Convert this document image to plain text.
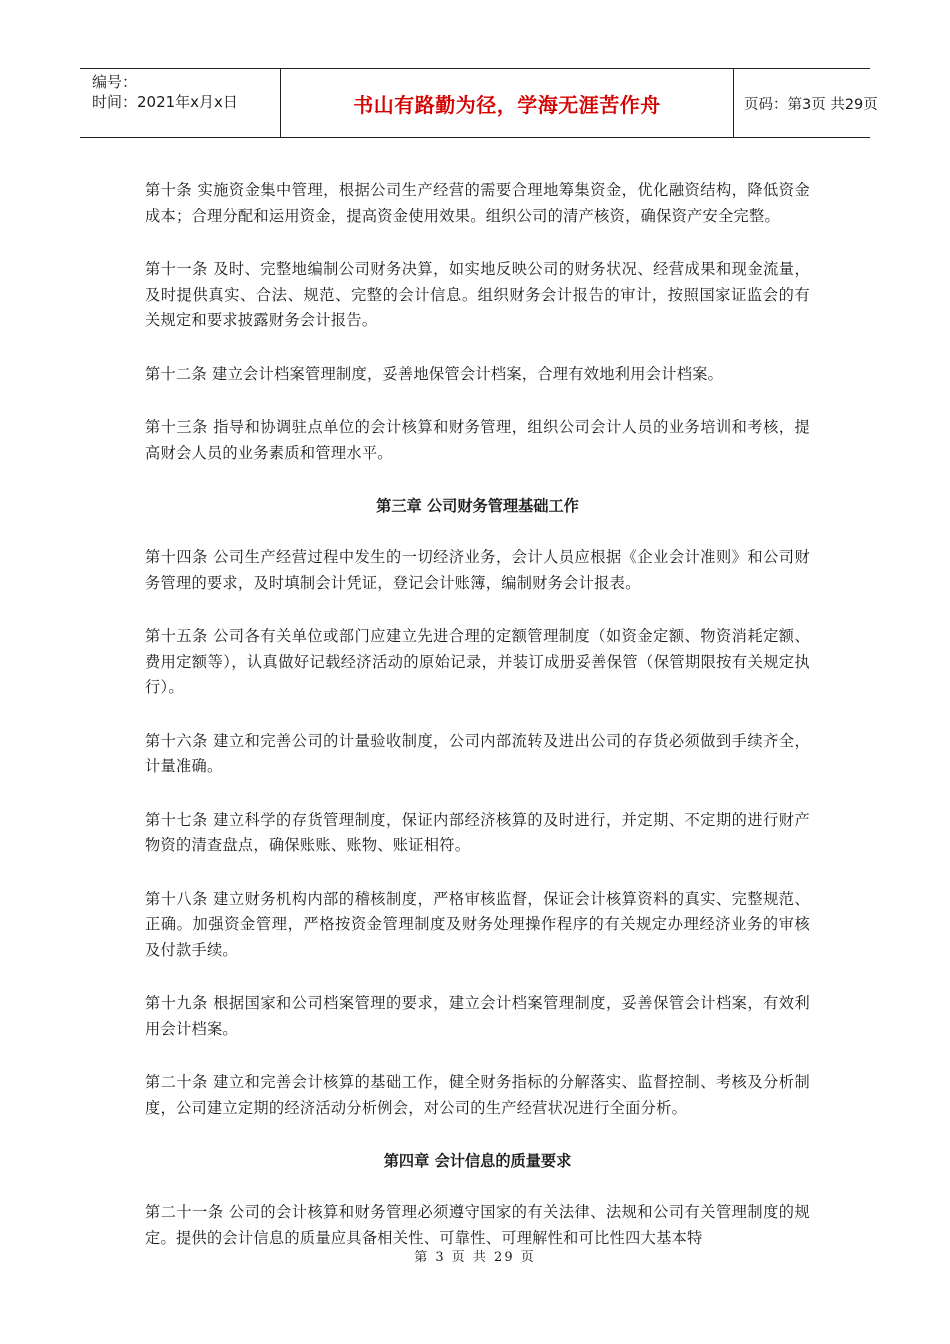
编号：
时间：2021年x月x日	书山有路勤为径，学海无涯苦作舟	页码：第3页 共29页

第十条 实施资金集中管理，根据公司生产经营的需要合理地筹集资金，优化融资结构，降低资金成本；合理分配和运用资金，提高资金使用效果。组织公司的清产核资，确保资产安全完整。

第十一条 及时、完整地编制公司财务决算，如实地反映公司的财务状况、经营成果和现金流量，及时提供真实、合法、规范、完整的会计信息。组织财务会计报告的审计，按照国家证监会的有关规定和要求披露财务会计报告。

第十二条 建立会计档案管理制度，妥善地保管会计档案，合理有效地利用会计档案。

第十三条 指导和协调驻点单位的会计核算和财务管理，组织公司会计人员的业务培训和考核，提高财会人员的业务素质和管理水平。

第三章 公司财务管理基础工作

第十四条 公司生产经营过程中发生的一切经济业务，会计人员应根据《企业会计准则》和公司财务管理的要求，及时填制会计凭证，登记会计账簿，编制财务会计报表。

第十五条 公司各有关单位或部门应建立先进合理的定额管理制度（如资金定额、物资消耗定额、费用定额等），认真做好记载经济活动的原始记录，并装订成册妥善保管（保管期限按有关规定执行）。

第十六条 建立和完善公司的计量验收制度，公司内部流转及进出公司的存货必须做到手续齐全，计量准确。

第十七条 建立科学的存货管理制度，保证内部经济核算的及时进行，并定期、不定期的进行财产物资的清查盘点，确保账账、账物、账证相符。

第十八条 建立财务机构内部的稽核制度，严格审核监督，保证会计核算资料的真实、完整规范、正确。加强资金管理，严格按资金管理制度及财务处理操作程序的有关规定办理经济业务的审核及付款手续。

第十九条 根据国家和公司档案管理的要求，建立会计档案管理制度，妥善保管会计档案，有效利用会计档案。

第二十条 建立和完善会计核算的基础工作，健全财务指标的分解落实、监督控制、考核及分析制度，公司建立定期的经济活动分析例会，对公司的生产经营状况进行全面分析。

第四章 会计信息的质量要求

第二十一条 公司的会计核算和财务管理必须遵守国家的有关法律、法规和公司有关管理制度的规定。提供的会计信息的质量应具备相关性、可靠性、可理解性和可比性四大基本特

第 3 页 共 29 页
